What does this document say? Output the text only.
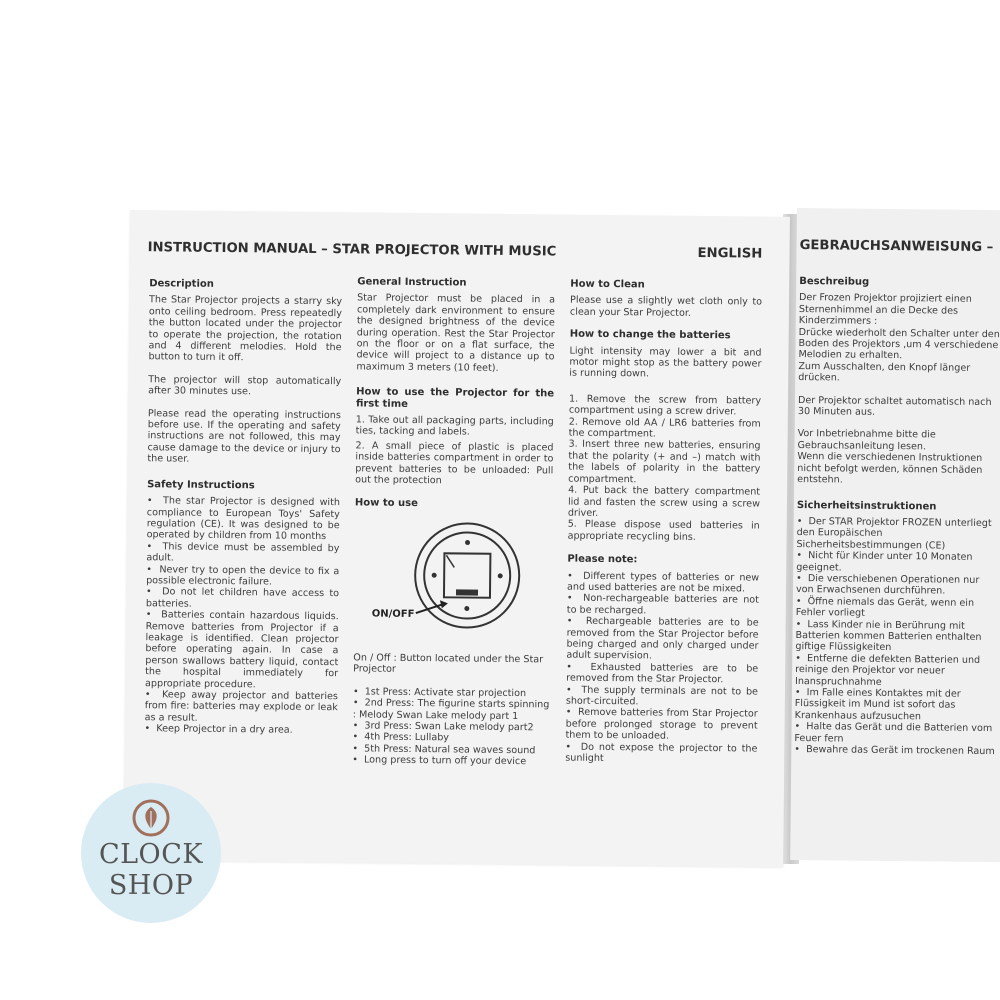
INSTRUCTION MANUAL – STAR PROJECTOR WITH MUSIC	ENGLISH
Description

The Star Projector projects a starry sky onto ceiling bedroom. Press repeatedly the button located under the projector to operate the projection, the rotation and 4 different melodies. Hold the button to turn it off.

The projector will stop automatically after 30 minutes use.

Please read the operating instructions before use. If the operating and safety instructions are not followed, this may cause damage to the device or injury to the user.

Safety Instructions
•  The star Projector is designed with compliance to European Toys' Safety regulation (CE). It was designed to be operated by children from 10 months
•  This device must be assembled by adult.
•  Never try to open the device to fix a possible electronic failure.
•  Do not let children have access to batteries.
•  Batteries contain hazardous liquids. Remove batteries from Projector if a leakage is identified. Clean projector before operating again. In case a person swallows battery liquid, contact the hospital immediately for appropriate procedure.
•  Keep away projector and batteries from fire: batteries may explode or leak as a result.
•  Keep Projector in a dry area.
General Instruction

Star Projector must be placed in a completely dark environment to ensure the designed brightness of the device during operation. Rest the Star Projector on the floor or on a flat surface, the device will project to a distance up to maximum 3 meters (10 feet).

How to use the Projector for the first time

1. Take out all packaging parts, including ties, tacking and labels.

2. A small piece of plastic is placed inside batteries compartment in order to prevent batteries to be unloaded: Pull out the protection

How to use
ON/OFF

On / Off : Button located under the Star Projector

•  1st Press: Activate star projection
•  2nd Press: The figurine starts spinning : Melody Swan Lake melody part 1
•  3rd Press: Swan Lake melody part2
•  4th Press: Lullaby
•  5th Press: Natural sea waves sound
•  Long press to turn off your device
How to Clean

Please use a slightly wet cloth only to clean your Star Projector.

How to change the batteries

Light intensity may lower a bit and motor might stop as the battery power is running down.

1. Remove the screw from battery compartment using a screw driver.

2. Remove old AA / LR6 batteries from the compartment.

3. Insert three new batteries, ensuring that the polarity (+ and –) match with the labels of polarity in the battery compartment.

4. Put back the battery compartment lid and fasten the screw using a screw driver.

5. Please dispose used batteries in appropriate recycling bins.

Please note:
•  Different types of batteries or new and used batteries are not be mixed.
•  Non-rechargeable batteries are not to be recharged.
•  Rechargeable batteries are to be removed from the Star Projector before being charged and only charged under adult supervision.
•  Exhausted batteries are to be removed from the Star Projector.
•  The supply terminals are not to be short-circuited.
•  Remove batteries from Star Projector before prolonged storage to prevent them to be unloaded.
•  Do not expose the projector to the sunlight
GEBRAUCHSANWEISUNG –
Beschreibug
Der Frozen Projektor projiziert einen
Sternenhimmel an die Decke des
Kinderzimmers :
Drücke wiederholt den Schalter unter den
Boden des Projektors ,um 4 verschiedene
Melodien zu erhalten.
Zum Ausschalten, den Knopf länger
drücken.
Der Projektor schaltet automatisch nach
30 Minuten aus.
Vor Inbetriebnahme bitte die
Gebrauchsanleitung lesen.
Wenn die verschiedenen Instruktionen
nicht befolgt werden, können Schäden
entstehn.
Sicherheitsinstruktionen
•  Der STAR Projektor FROZEN unterliegt den Europäischen Sicherheitsbestimmungen (CE)
•  Nicht für Kinder unter 10 Monaten geeignet.
•  Die verschiebenen Operationen nur von Erwachsenen durchführen.
•  Öffne niemals das Gerät, wenn ein Fehler vorliegt
•  Lass Kinder nie in Berührung mit Batterien kommen Batterien enthalten giftige Flüssigkeiten
•  Entferne die defekten Batterien und reinige den Projektor vor neuer Inanspruchnahme
•  Im Falle eines Kontaktes mit der Flüssigkeit im Mund ist sofort das Krankenhaus aufzusuchen
•  Halte das Gerät und die Batterien vom Feuer fern
•  Bewahre das Gerät im trockenen Raum
CLOCK
SHOP
